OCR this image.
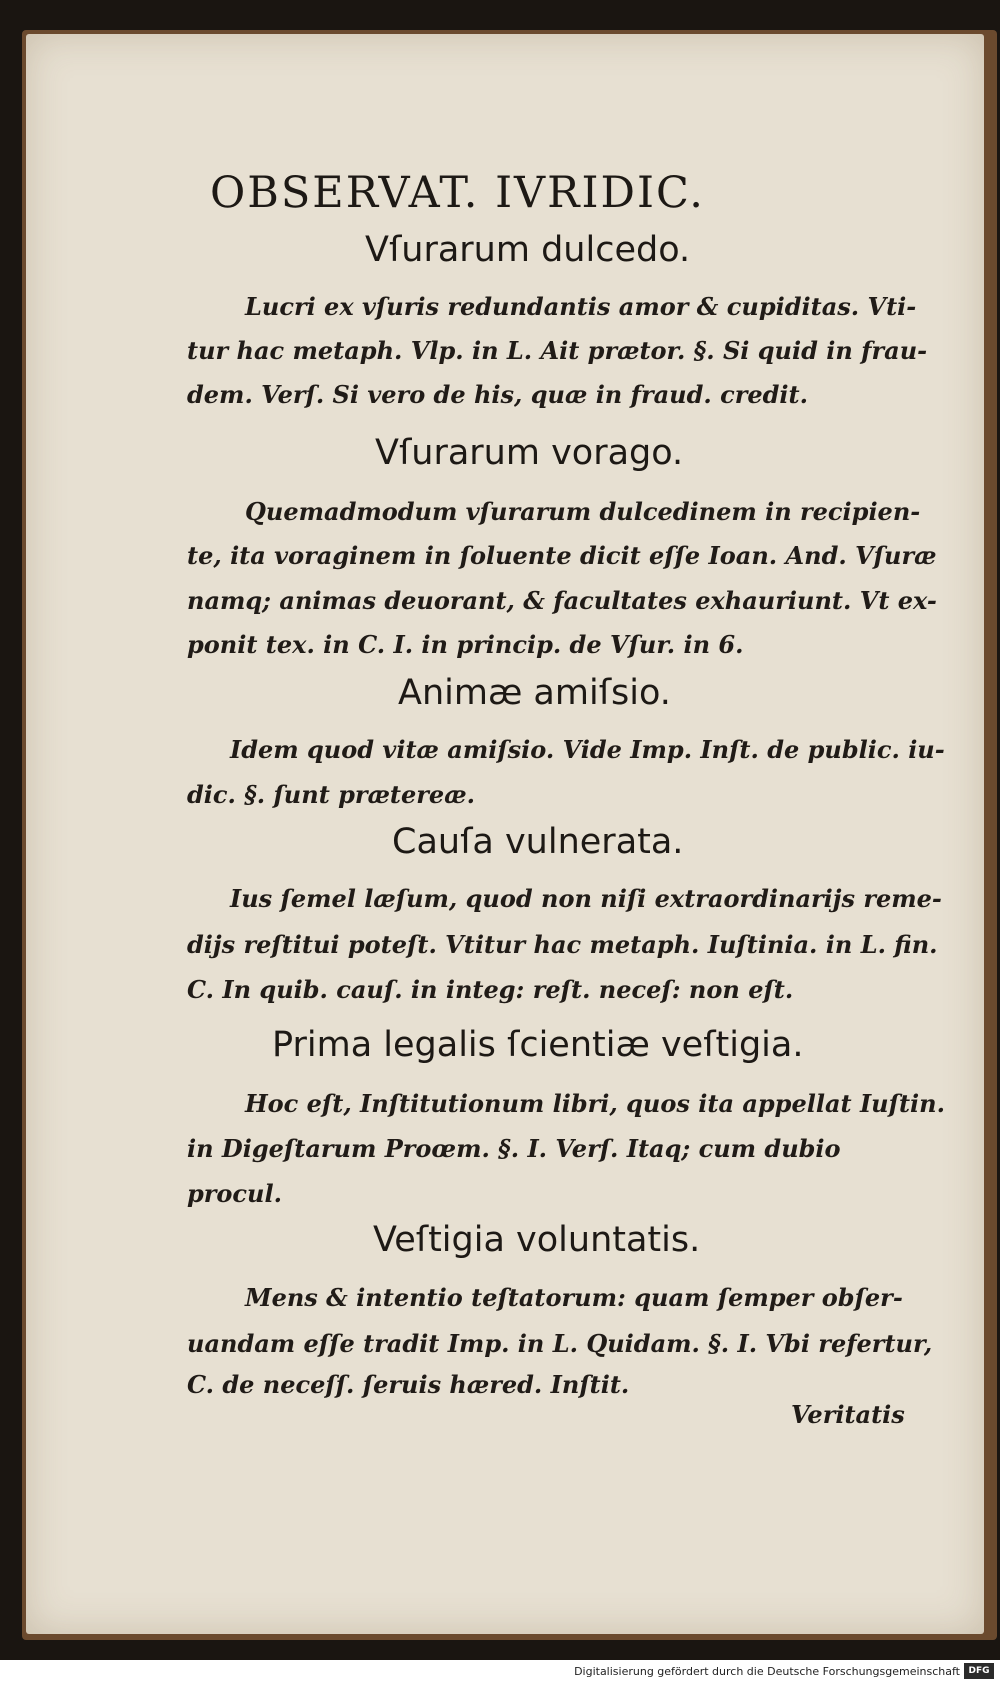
OBSERVAT. IVRIDIC.
Vſurarum dulcedo.
Lucri ex vſuris redundantis amor & cupiditas. Vti-
tur hac metaph. Vlp. in L. Ait prætor. §. Si quid in frau-
dem. Verſ. Si vero de his, quæ in fraud. credit.
Vſurarum vorago.
Quemadmodum vſurarum dulcedinem in recipien-
te, ita voraginem in ſoluente dicit eſſe Ioan. And. Vſuræ
namq; animas deuorant, & facultates exhauriunt. Vt ex-
ponit tex. in C. I. in princip. de Vſur. in 6.
Animæ amiſsio.
Idem quod vitæ amiſsio. Vide Imp. Inſt. de public. iu-
dic. §. ſunt prætereæ.
Cauſa vulnerata.
Ius ſemel læſum, quod non niſi extraordinarijs reme-
dijs reſtitui poteſt. Vtitur hac metaph. Iuſtinia. in L. fin.
C. In quib. cauſ. in integ: reſt. neceſ: non eſt.
Prima legalis ſcientiæ veſtigia.
Hoc eſt, Inſtitutionum libri, quos ita appellat Iuſtin.
in Digeſtarum Proœm. §. I. Verſ. Itaq; cum dubio
procul.
Veſtigia voluntatis.
Mens & intentio teſtatorum: quam ſemper obſer-
uandam eſſe tradit Imp. in L. Quidam. §. I. Vbi refertur,
C. de neceſſ. ſeruis hæred. Inſtit.
Veritatis
Digitalisierung gefördert durch die Deutsche Forschungsgemeinschaft DFG
